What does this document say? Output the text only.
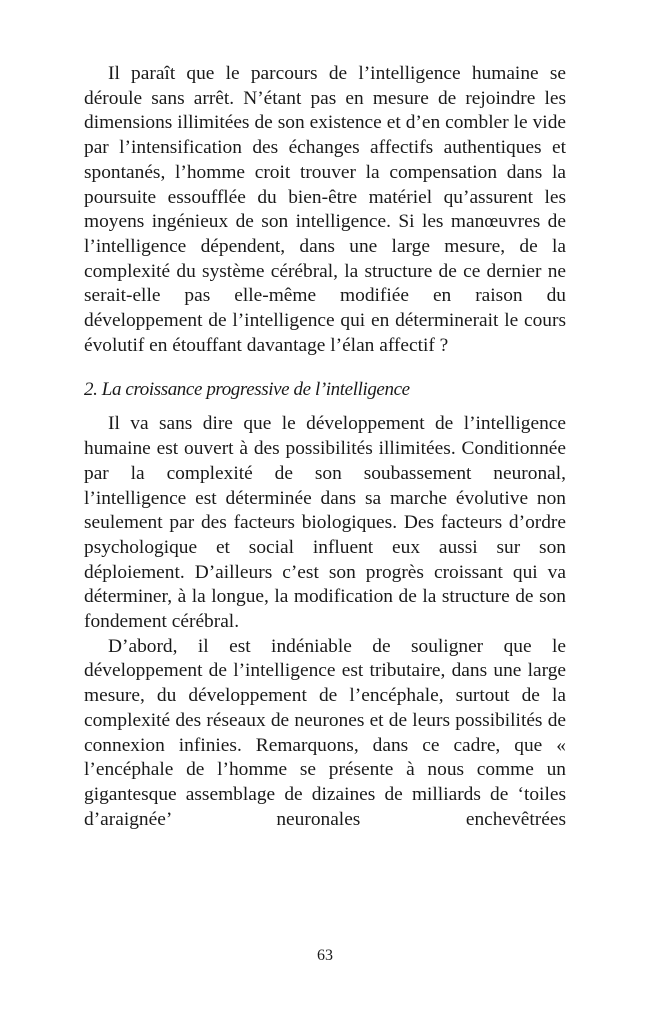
Il paraît que le parcours de l’intelligence humaine se déroule sans arrêt. N’étant pas en mesure de rejoindre les dimensions illimitées de son existence et d’en combler le vide par l’intensification des échanges affectifs authentiques et spontanés, l’homme croit trouver la compensation dans la poursuite essoufflée du bien-être matériel qu’assurent les moyens ingénieux de son intelligence. Si les manœuvres de l’intelligence dépendent, dans une large mesure, de la complexité du système cérébral, la structure de ce dernier ne serait-elle pas elle-même modifiée en raison du développement de l’intelligence qui en déterminerait le cours évolutif en étouffant davantage l’élan affectif ?

2. La croissance progressive de l’intelligence

Il va sans dire que le développement de l’intelligence humaine est ouvert à des possibilités illimitées. Conditionnée par la complexité de son soubassement neuronal, l’intelligence est déterminée dans sa marche évolutive non seulement par des facteurs biologiques. Des facteurs d’ordre psychologique et social influent eux aussi sur son déploiement. D’ailleurs c’est son progrès croissant qui va déterminer, à la longue, la modification de la structure de son fondement cérébral.

D’abord, il est indéniable de souligner que le développement de l’intelligence est tributaire, dans une large mesure, du développement de l’encéphale, surtout de la complexité des réseaux de neurones et de leurs possibilités de connexion infinies. Remarquons, dans ce cadre, que « l’encéphale de l’homme se présente à nous comme un gigantesque assemblage de dizaines de milliards de ‘toiles d’araignée’ neuronales enchevêtrées

63
